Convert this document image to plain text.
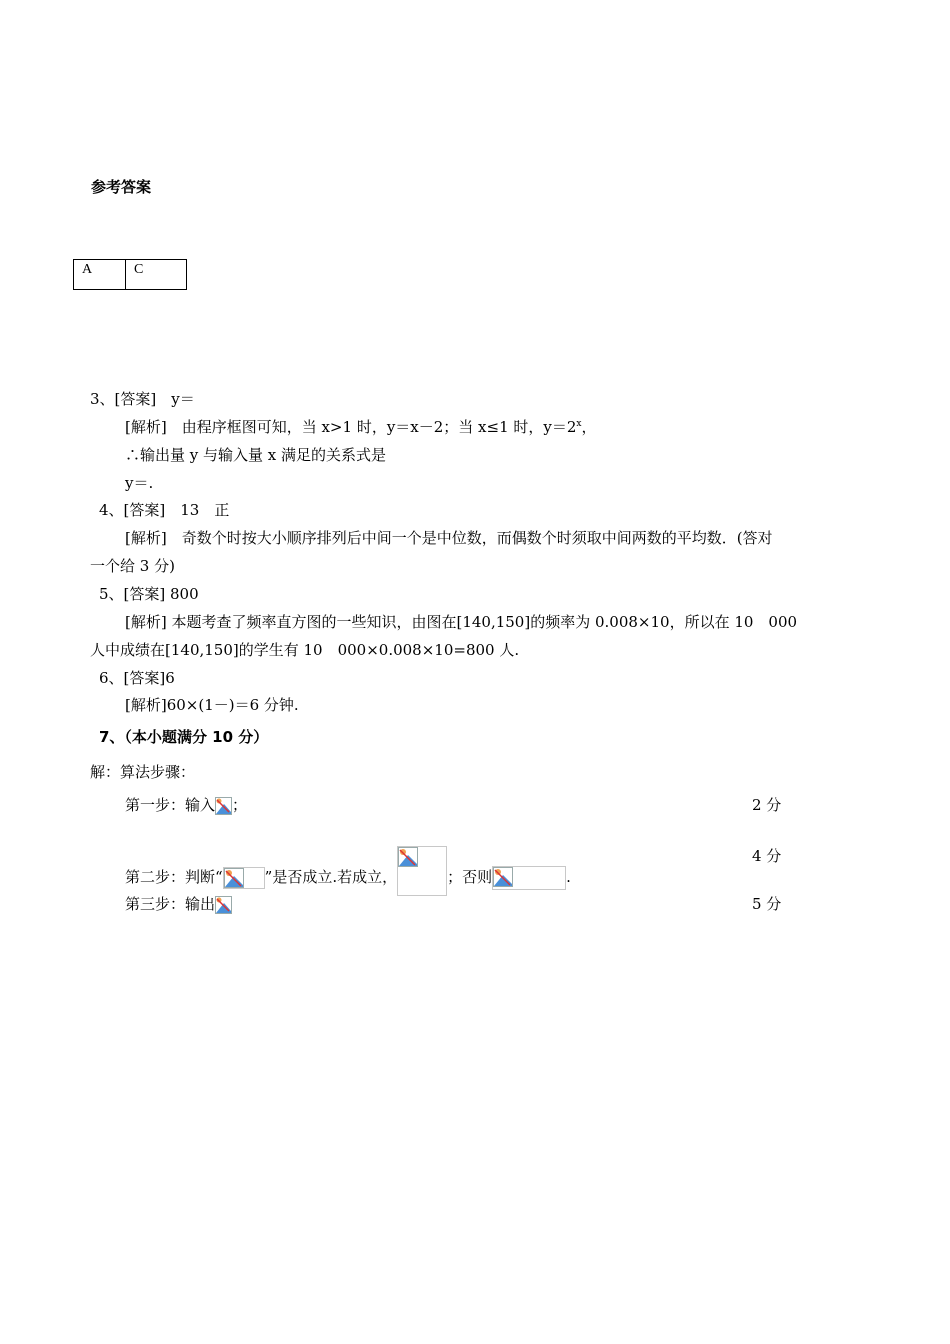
参考答案
A	C
3、[答案]　y＝
[解析]　由程序框图可知，当 x>1 时，y＝x－2；当 x≤1 时，$y=2^x$，
∴输出量 y 与输入量 x 满足的关系式是
y＝.
4、[答案]　13　正
[解析]　奇数个时按大小顺序排列后中间一个是中位数，而偶数个时须取中间两数的平均数．(答对
一个给 3 分)
5、[答案] 800
[解析] 本题考查了频率直方图的一些知识，由图在[140,150]的频率为 0.008×10，所以在 10　000
人中成绩在[140,150]的学生有 10　000×0.008×10=800 人.
6、[答案]6
[解析]60×(1－)＝6 分钟.
7、（本小题满分 10 分）
解：算法步骤：
第一步：输入 ；	2 分
第二步：判断“	”是否成立.若成立，	；否则	.
4 分
第三步：输出	5 分
